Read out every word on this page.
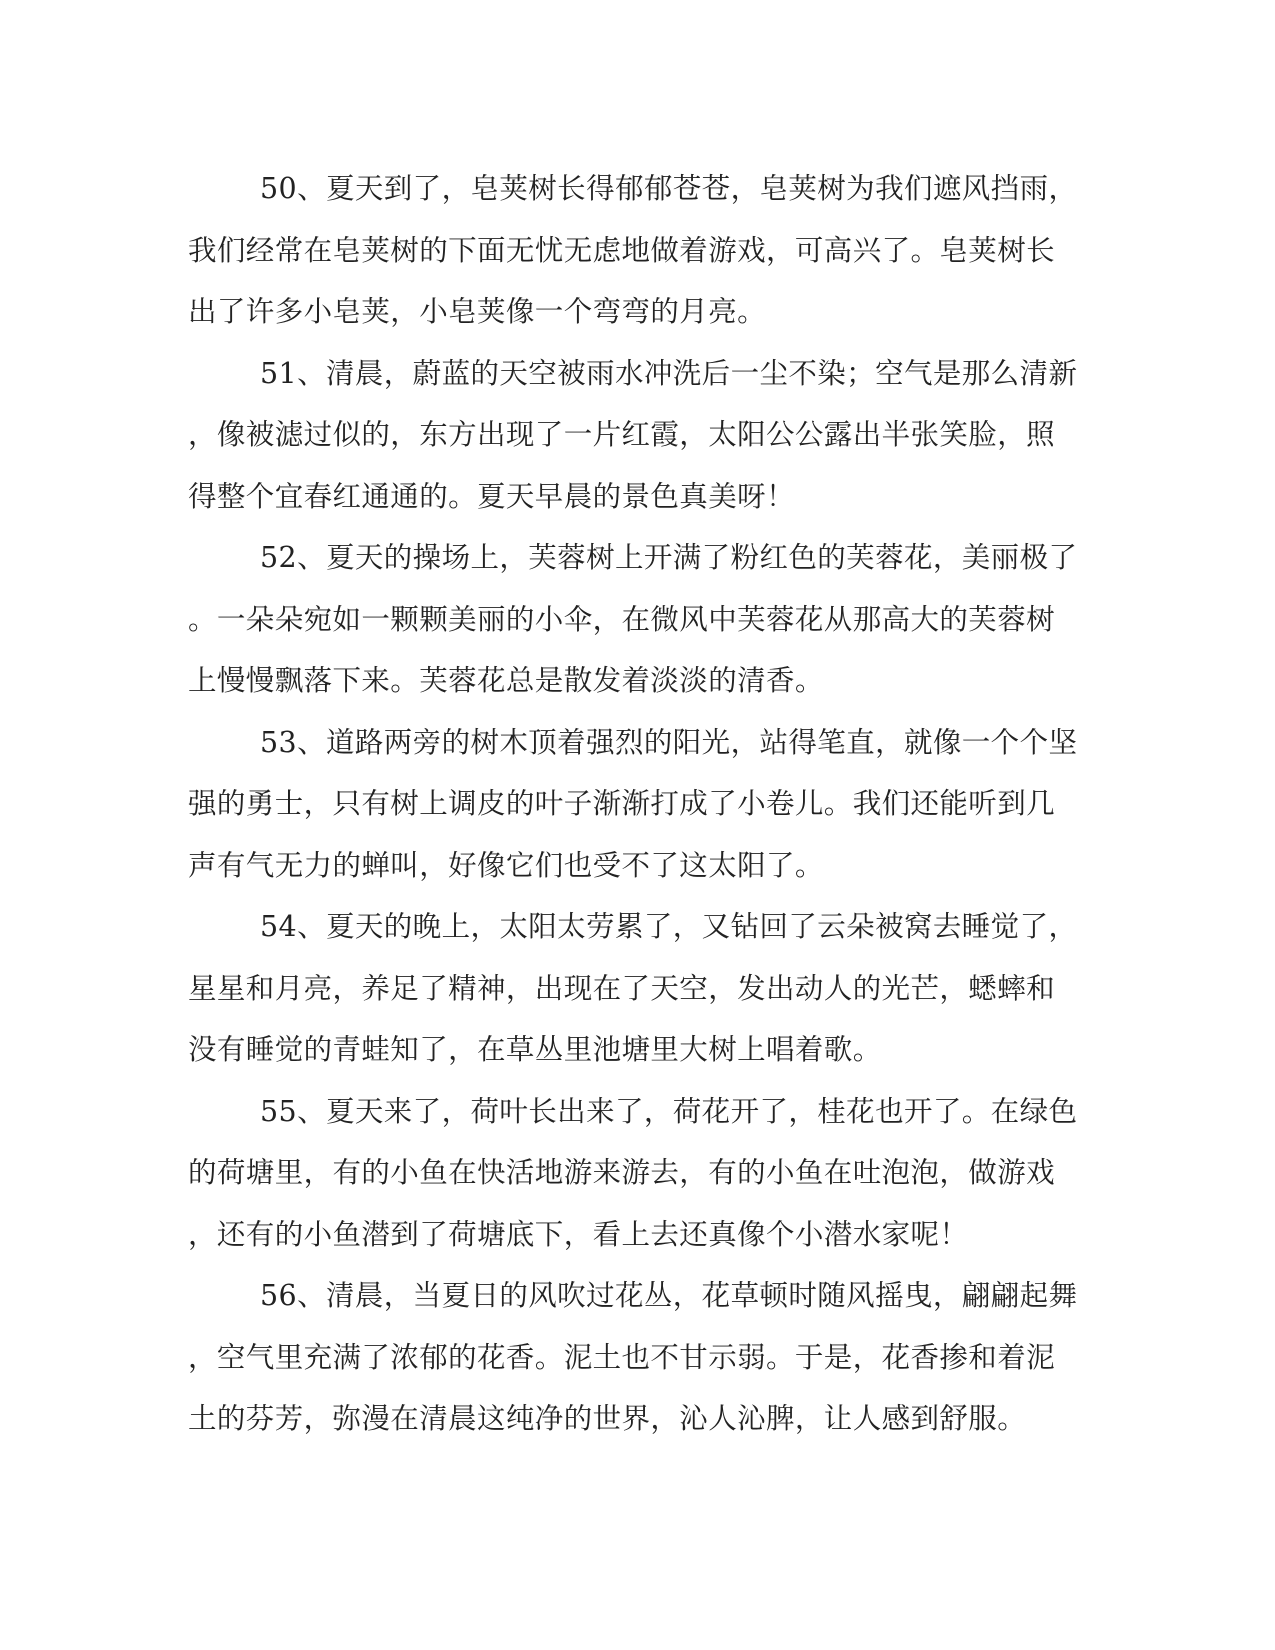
50、夏天到了，皂荚树长得郁郁苍苍，皂荚树为我们遮风挡雨，
我们经常在皂荚树的下面无忧无虑地做着游戏，可高兴了。皂荚树长
出了许多小皂荚，小皂荚像一个弯弯的月亮。
51、清晨，蔚蓝的天空被雨水冲洗后一尘不染；空气是那么清新
，像被滤过似的，东方出现了一片红霞，太阳公公露出半张笑脸，照
得整个宜春红通通的。夏天早晨的景色真美呀！
52、夏天的操场上，芙蓉树上开满了粉红色的芙蓉花，美丽极了
。一朵朵宛如一颗颗美丽的小伞，在微风中芙蓉花从那高大的芙蓉树
上慢慢飘落下来。芙蓉花总是散发着淡淡的清香。
53、道路两旁的树木顶着强烈的阳光，站得笔直，就像一个个坚
强的勇士，只有树上调皮的叶子渐渐打成了小卷儿。我们还能听到几
声有气无力的蝉叫，好像它们也受不了这太阳了。
54、夏天的晚上，太阳太劳累了，又钻回了云朵被窝去睡觉了，
星星和月亮，养足了精神，出现在了天空，发出动人的光芒，蟋蟀和
没有睡觉的青蛙知了，在草丛里池塘里大树上唱着歌。
55、夏天来了，荷叶长出来了，荷花开了，桂花也开了。在绿色
的荷塘里，有的小鱼在快活地游来游去，有的小鱼在吐泡泡，做游戏
，还有的小鱼潜到了荷塘底下，看上去还真像个小潜水家呢！
56、清晨，当夏日的风吹过花丛，花草顿时随风摇曳，翩翩起舞
，空气里充满了浓郁的花香。泥土也不甘示弱。于是，花香掺和着泥
土的芬芳，弥漫在清晨这纯净的世界，沁人沁脾，让人感到舒服。
